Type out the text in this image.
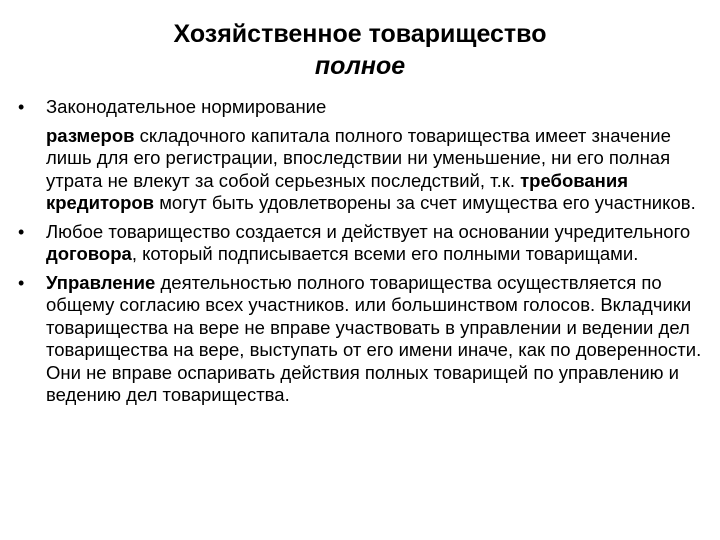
Хозяйственное товарищество
полное
•	Законодательное нормирование
размеров складочного капитала полного товарищества имеет значение лишь для его регистрации, впоследствии ни уменьшение, ни его полная утрата не влекут за собой серьезных последствий, т.к. требования кредиторов могут быть удовлетворены за счет имущества его участников.
•	Любое товарищество создается и действует на основании учредительного договора, который подписывается всеми его полными товарищами.
•	Управление деятельностью полного товарищества осуществляется по общему согласию всех участников. или большинством голосов. Вкладчики товарищества на вере не вправе участвовать в управлении и ведении дел товарищества на вере, выступать от его имени иначе, как по доверенности. Они не вправе оспаривать действия полных товарищей по управлению и ведению дел товарищества.
